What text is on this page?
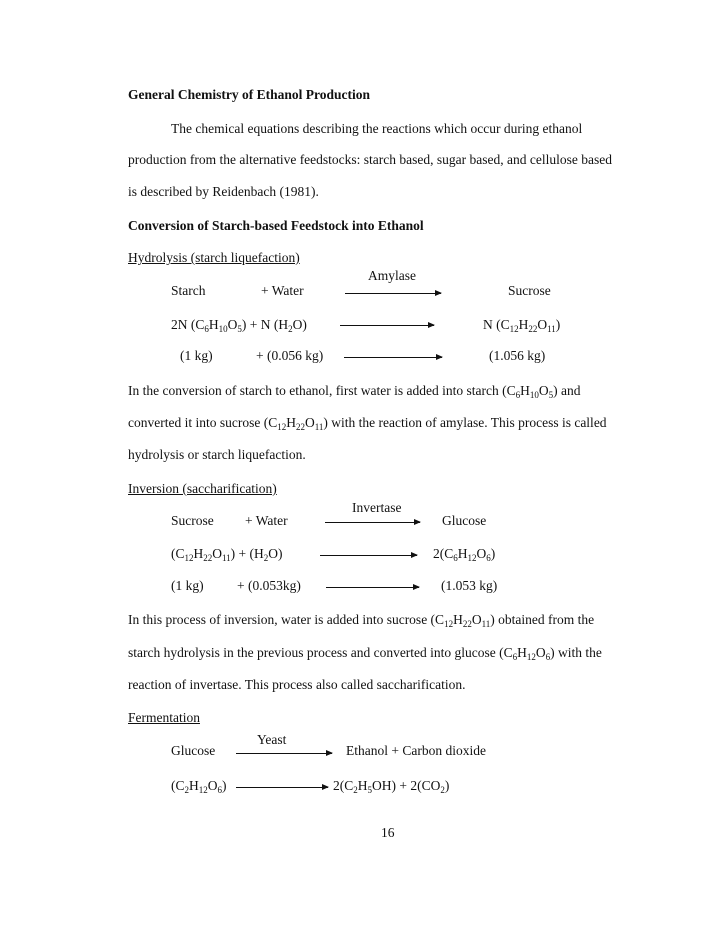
General Chemistry of Ethanol Production
The chemical equations describing the reactions which occur during ethanol
production from the alternative feedstocks: starch based, sugar based, and cellulose based
is described by Reidenbach (1981).
Conversion of Starch-based Feedstock into Ethanol
Hydrolysis (starch liquefaction)
Amylase
Starch	+ Water	Sucrose
2N $(C_6H_{10}O_5) + N$ $(H_2O)$	N $(C_{12}H_{22}O_{11})$
(1 kg)	+ (0.056 kg)	(1.056 kg)
In the conversion of starch to ethanol, first water is added into starch $(C_6H_{10}O_5)$ and
converted it into sucrose $(C_{12}H_{22}O_{11})$ with the reaction of amylase. This process is called
hydrolysis or starch liquefaction.
Inversion (saccharification)
Invertase
Sucrose + Water	Glucose
$(C_{12}H_{22}O_{11}) + (H_2O)$	$2(C_6H_{12}O_6)$
(1 kg) + (0.053kg)	(1.053 kg)
In this process of inversion, water is added into sucrose $(C_{12}H_{22}O_{11})$ obtained from the
starch hydrolysis in the previous process and converted into glucose $(C_6H_{12}O_6)$ with the
reaction of invertase. This process also called saccharification.
Fermentation
Yeast
Glucose	Ethanol + Carbon dioxide
$(C_2H_{12}O_6)$	$2(C_2H_5OH) + 2(CO_2)$
16
